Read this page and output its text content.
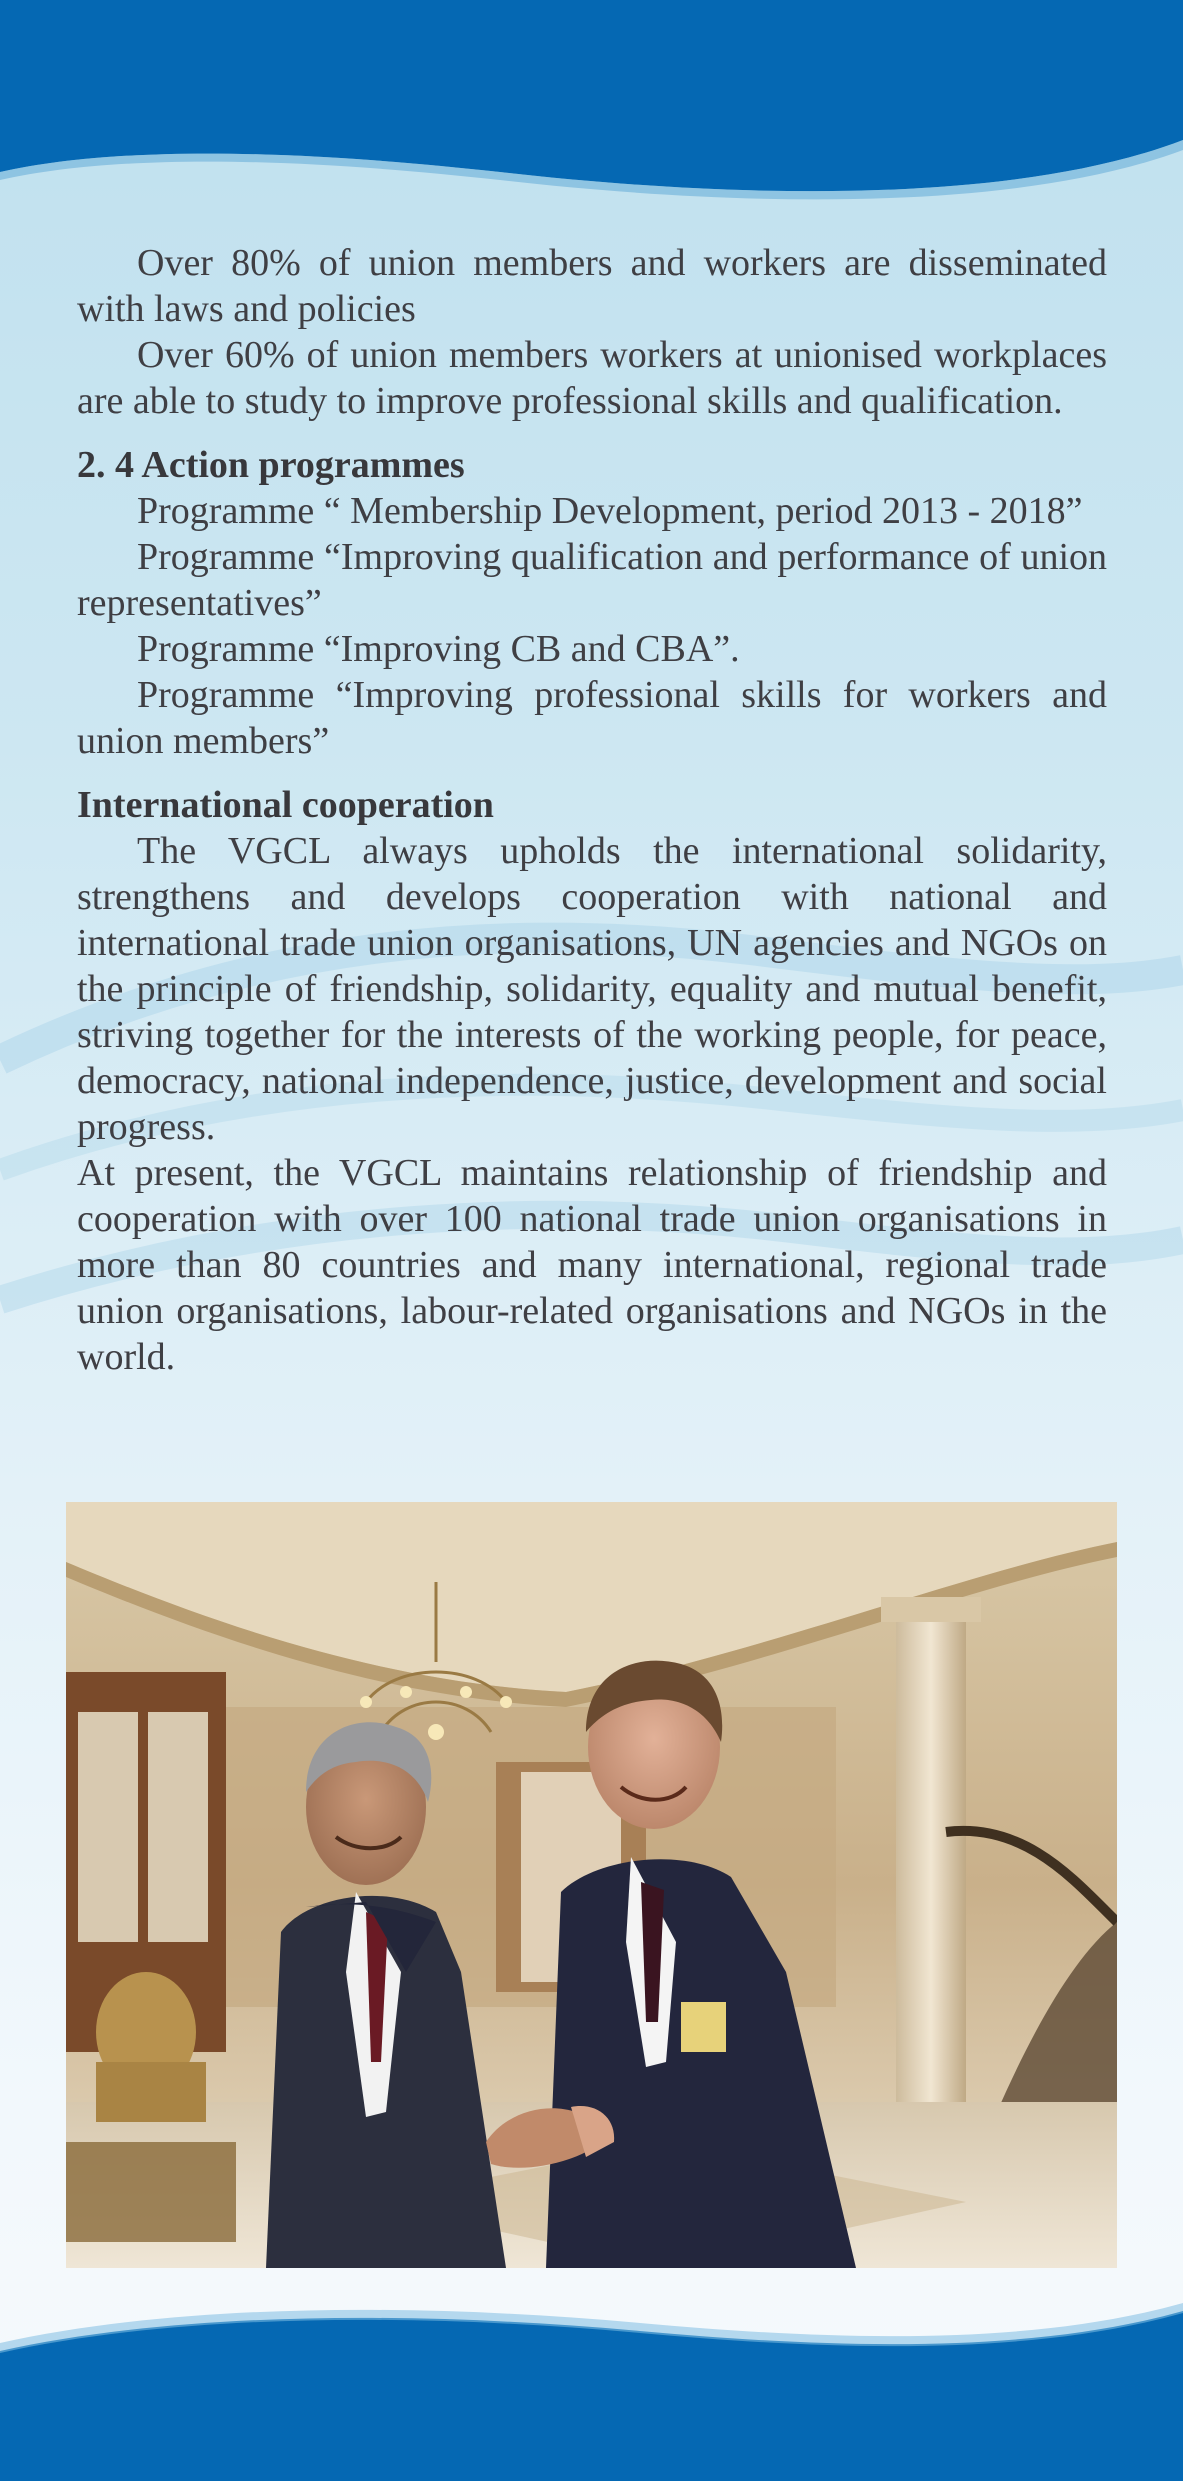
Over 80% of union members and workers are disseminated with laws and policies

Over 60% of union members workers at unionised workplaces are able to study to improve professional skills and qualification.

2. 4 Action programmes

Programme “ Membership Development, period 2013 - 2018”

Programme “Improving qualification and performance of union representatives”

Programme “Improving CB and CBA”.

Programme “Improving professional skills for workers and union members”

International cooperation

The VGCL always upholds the international solidarity, strengthens and develops cooperation with national and international trade union organisations, UN agencies and NGOs on the principle of friendship, solidarity, equality and mutual benefit, striving together for the interests of the working people, for peace, democracy, national independence, justice, development and social progress.

At present, the VGCL maintains relationship of friendship and cooperation with over 100 national trade union organisations in more than 80 countries and many international, regional trade union organisations, labour-related organisations and NGOs in the world.
